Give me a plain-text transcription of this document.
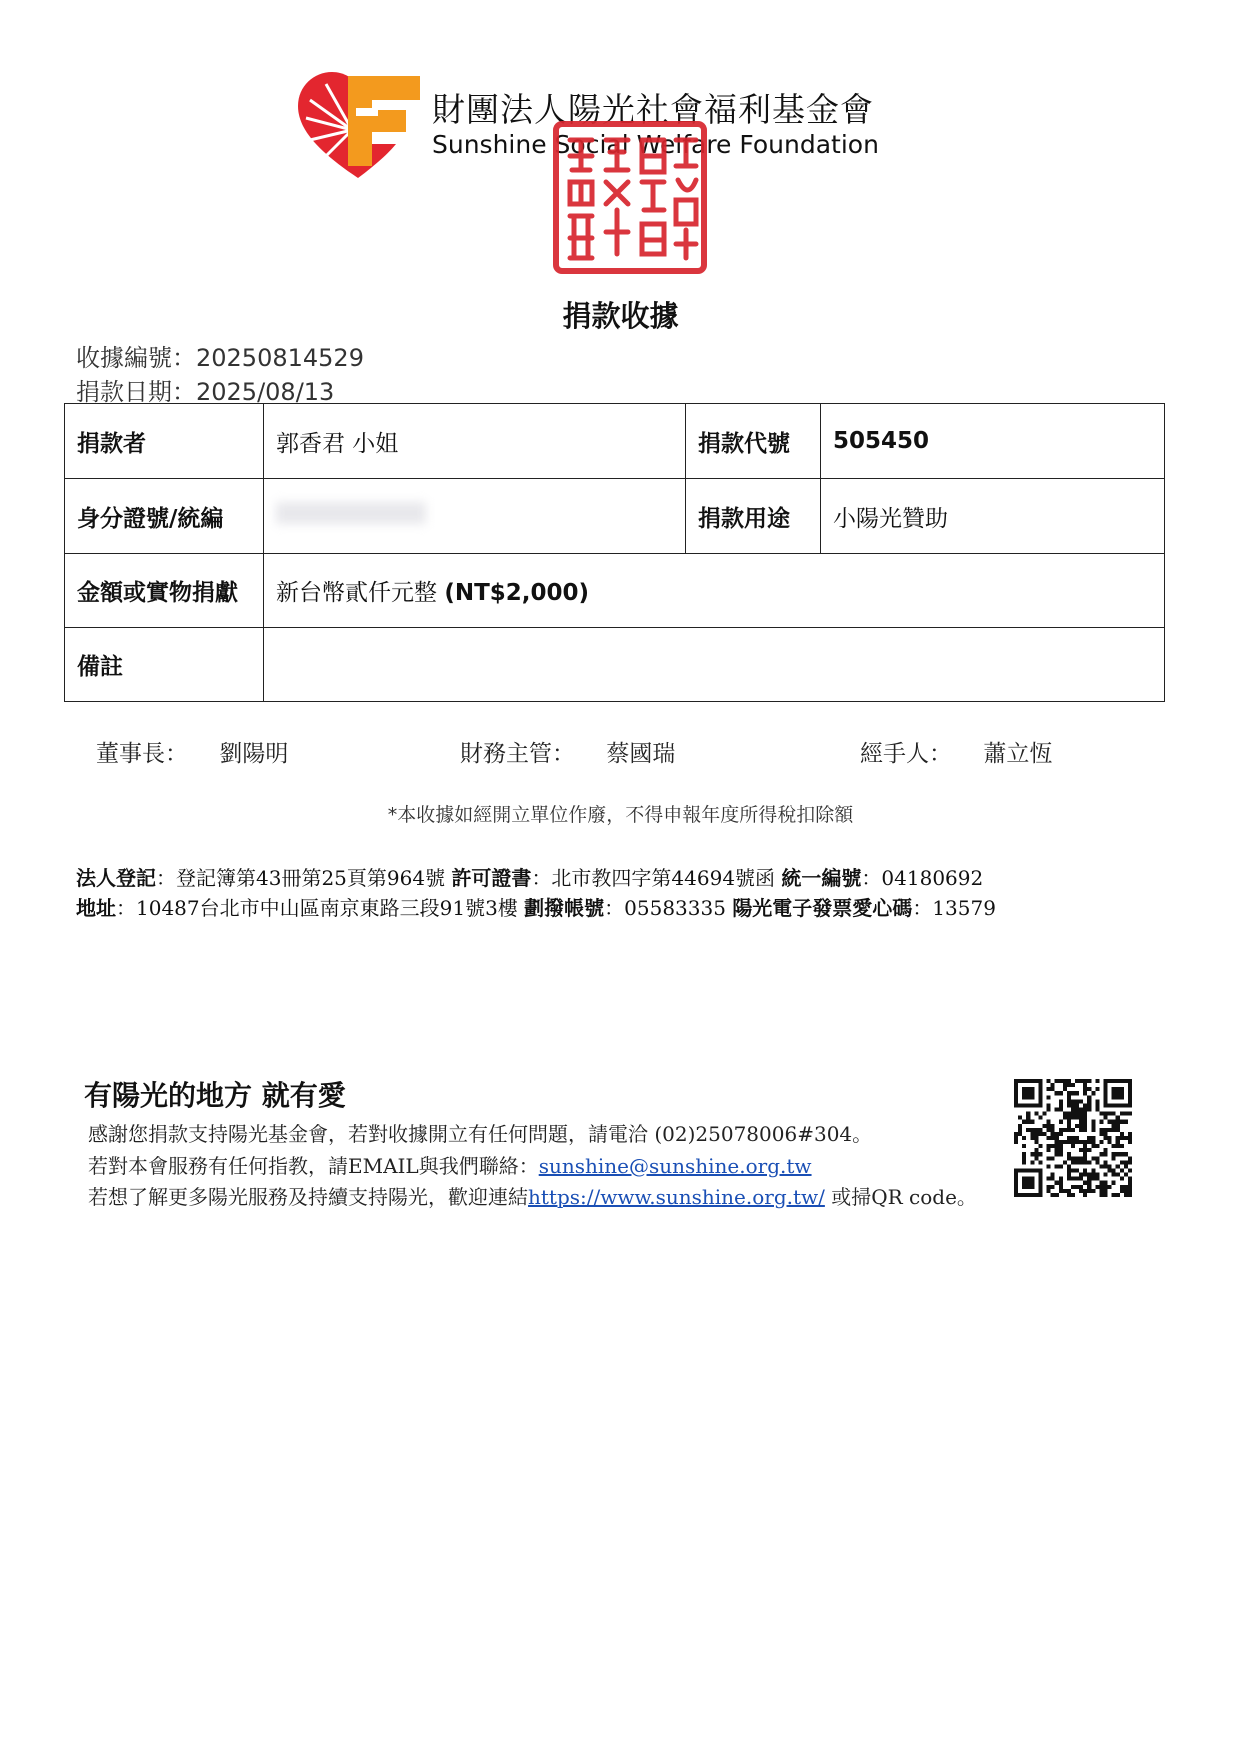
財團法人陽光社會福利基金會
Sunshine Social Welfare Foundation
捐款收據
收據編號：20250814529
捐款日期：2025/08/13
捐款者	郭香君 小姐	捐款代號	505450
身分證號/統編		捐款用途	小陽光贊助
金額或實物捐獻	新台幣貳仟元整 (NT$2,000)		
備註			
董事長： 劉陽明	財務主管： 蔡國瑞	經手人： 蕭立恆
*本收據如經開立單位作廢，不得申報年度所得稅扣除額
法人登記：登記簿第43冊第25頁第964號 許可證書：北市教四字第44694號函 統一編號：04180692
地址：10487台北市中山區南京東路三段91號3樓 劃撥帳號：05583335 陽光電子發票愛心碼：13579
有陽光的地方 就有愛
感謝您捐款支持陽光基金會，若對收據開立有任何問題，請電洽 (02)25078006#304。
若對本會服務有任何指教，請EMAIL與我們聯絡：sunshine@sunshine.org.tw
若想了解更多陽光服務及持續支持陽光，歡迎連結https://www.sunshine.org.tw/ 或掃QR code。
